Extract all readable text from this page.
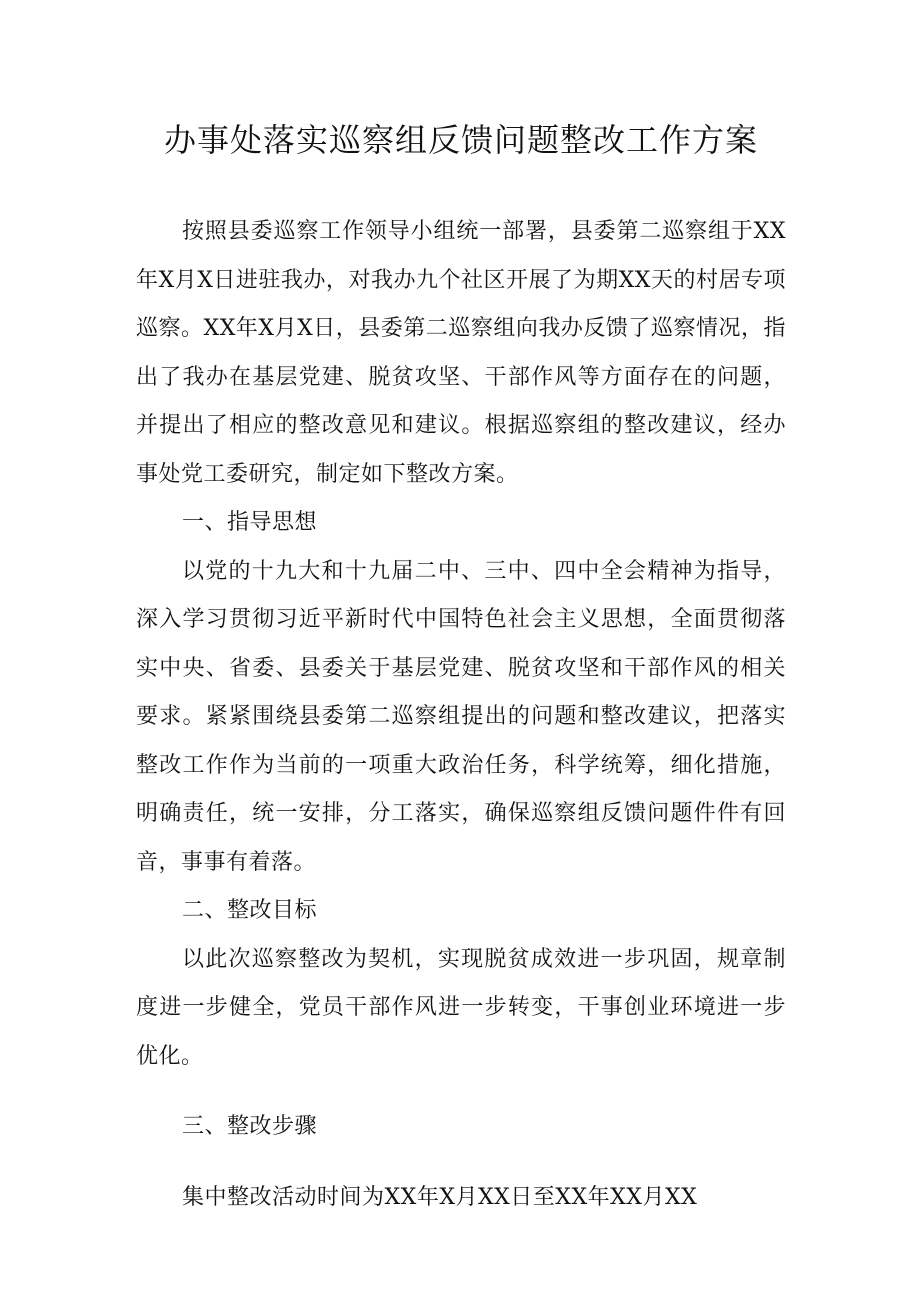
办事处落实巡察组反馈问题整改工作方案

按照县委巡察工作领导小组统一部署，县委第二巡察组于XX年X月X日进驻我办，对我办九个社区开展了为期XX天的村居专项巡察。XX年X月X日，县委第二巡察组向我办反馈了巡察情况，指出了我办在基层党建、脱贫攻坚、干部作风等方面存在的问题，并提出了相应的整改意见和建议。根据巡察组的整改建议，经办事处党工委研究，制定如下整改方案。

一、指导思想

以党的十九大和十九届二中、三中、四中全会精神为指导，深入学习贯彻习近平新时代中国特色社会主义思想，全面贯彻落实中央、省委、县委关于基层党建、脱贫攻坚和干部作风的相关要求。紧紧围绕县委第二巡察组提出的问题和整改建议，把落实整改工作作为当前的一项重大政治任务，科学统筹，细化措施，明确责任，统一安排，分工落实，确保巡察组反馈问题件件有回音，事事有着落。

二、整改目标

以此次巡察整改为契机，实现脱贫成效进一步巩固，规章制度进一步健全，党员干部作风进一步转变，干事创业环境进一步优化。

三、整改步骤

集中整改活动时间为XX年X月XX日至XX年XX月XX
